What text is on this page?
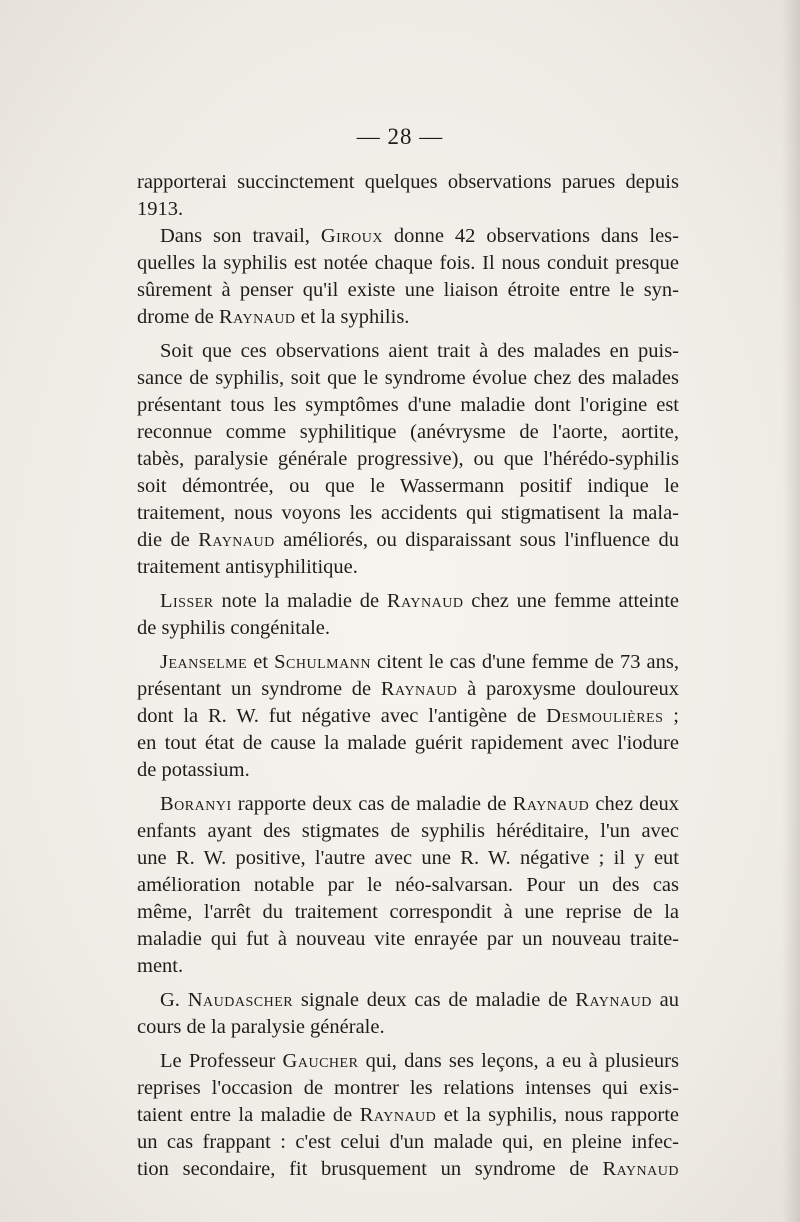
— 28 —
rapporterai succinctement quelques observations parues depuis
1913.
Dans son travail, Giroux donne 42 observations dans les-
quelles la syphilis est notée chaque fois. Il nous conduit presque
sûrement à penser qu'il existe une liaison étroite entre le syn-
drome de Raynaud et la syphilis.
Soit que ces observations aient trait à des malades en puis-
sance de syphilis, soit que le syndrome évolue chez des malades
présentant tous les symptômes d'une maladie dont l'origine est
reconnue comme syphilitique (anévrysme de l'aorte, aortite,
tabès, paralysie générale progressive), ou que l'hérédo-syphilis
soit démontrée, ou que le Wassermann positif indique le
traitement, nous voyons les accidents qui stigmatisent la mala-
die de Raynaud améliorés, ou disparaissant sous l'influence du
traitement antisyphilitique.
Lisser note la maladie de Raynaud chez une femme atteinte
de syphilis congénitale.
Jeanselme et Schulmann citent le cas d'une femme de 73 ans,
présentant un syndrome de Raynaud à paroxysme douloureux
dont la R. W. fut négative avec l'antigène de Desmoulières ;
en tout état de cause la malade guérit rapidement avec l'iodure
de potassium.
Boranyi rapporte deux cas de maladie de Raynaud chez deux
enfants ayant des stigmates de syphilis héréditaire, l'un avec
une R. W. positive, l'autre avec une R. W. négative ; il y eut
amélioration notable par le néo-salvarsan. Pour un des cas
même, l'arrêt du traitement correspondit à une reprise de la
maladie qui fut à nouveau vite enrayée par un nouveau traite-
ment.
G. Naudascher signale deux cas de maladie de Raynaud au
cours de la paralysie générale.
Le Professeur Gaucher qui, dans ses leçons, a eu à plusieurs
reprises l'occasion de montrer les relations intenses qui exis-
taient entre la maladie de Raynaud et la syphilis, nous rapporte
un cas frappant : c'est celui d'un malade qui, en pleine infec-
tion secondaire, fit brusquement un syndrome de Raynaud
